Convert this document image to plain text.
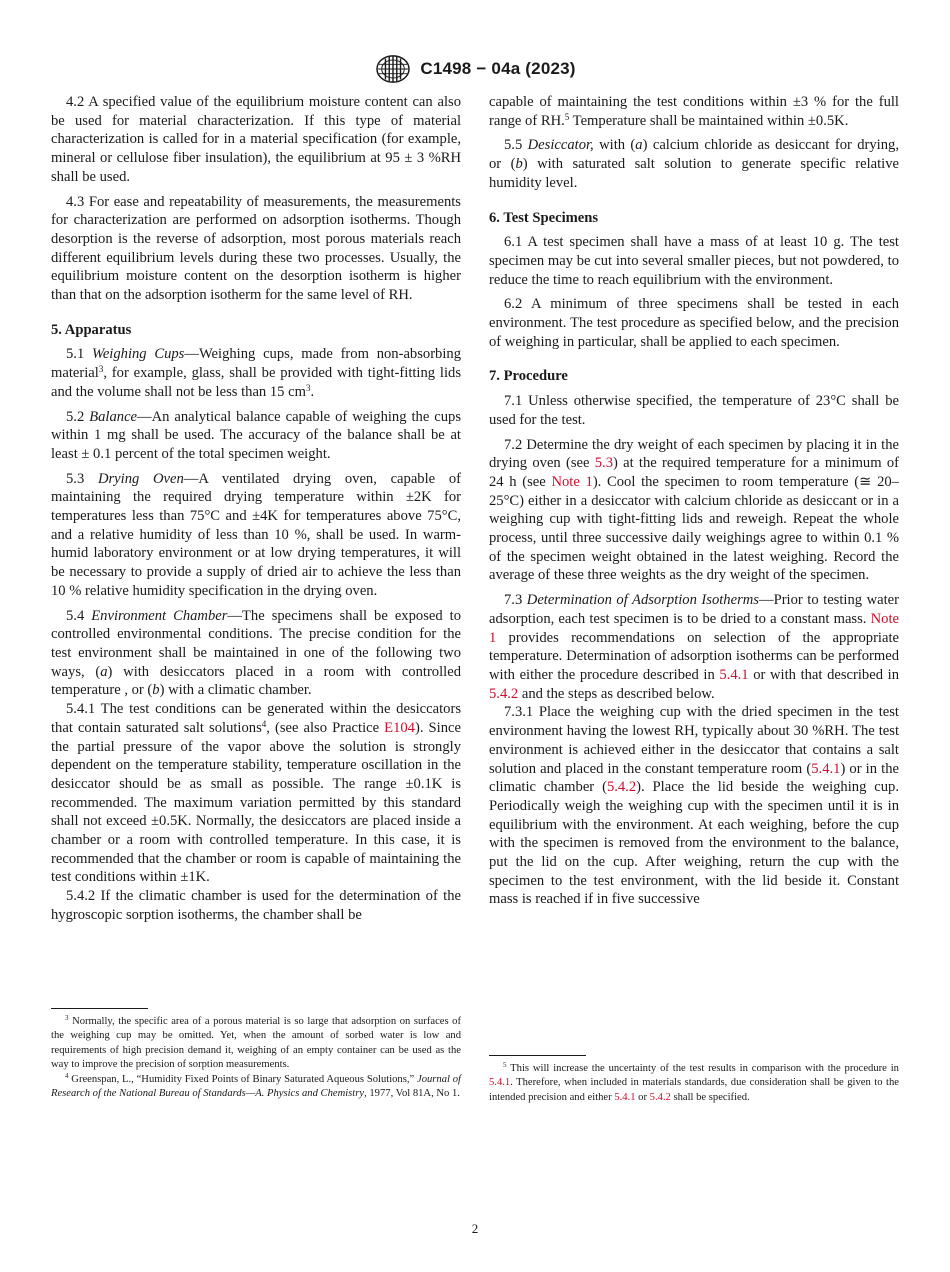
C1498 − 04a (2023)

4.2 A specified value of the equilibrium moisture content can also be used for material characterization. If this type of material characterization is called for in a material specification (for example, mineral or cellulose fiber insulation), the equilibrium at 95 ± 3 %RH shall be used.

4.3 For ease and repeatability of measurements, the measurements for characterization are performed on adsorption isotherms. Though desorption is the reverse of adsorption, most porous materials reach different equilibrium levels during these two processes. Usually, the equilibrium moisture content on the desorption isotherm is higher than that on the adsorption isotherm for the same level of RH.

5. Apparatus

5.1 Weighing Cups—Weighing cups, made from non-absorbing material$^3$, for example, glass, shall be provided with tight-fitting lids and the volume shall not be less than 15 $cm^3$.

5.2 Balance—An analytical balance capable of weighing the cups within 1 mg shall be used. The accuracy of the balance shall be at least ± 0.1 percent of the total specimen weight.

5.3 Drying Oven—A ventilated drying oven, capable of maintaining the required drying temperature within ±2K for temperatures less than 75°C and ±4K for temperatures above 75°C, and a relative humidity of less than 10 %, shall be used. In warm-humid laboratory environment or at low drying temperatures, it will be necessary to provide a supply of dried air to achieve the less than 10 % relative humidity specification in the drying oven.

5.4 Environment Chamber—The specimens shall be exposed to controlled environmental conditions. The precise condition for the test environment shall be maintained in one of the following two ways, (a) with desiccators placed in a room with controlled temperature , or (b) with a climatic chamber.

5.4.1 The test conditions can be generated within the desiccators that contain saturated salt solutions$^4$, (see also Practice E104). Since the partial pressure of the vapor above the solution is strongly dependent on the temperature stability, temperature oscillation in the desiccator should be as small as possible. The range ±0.1K is recommended. The maximum variation permitted by this standard shall not exceed ±0.5K. Normally, the desiccators are placed inside a chamber or a room with controlled temperature. In this case, it is recommended that the chamber or room is capable of maintaining the test conditions within ±1K.

5.4.2 If the climatic chamber is used for the determination of the hygroscopic sorption isotherms, the chamber shall be

capable of maintaining the test conditions within ±3 % for the full range of RH.$^5$ Temperature shall be maintained within ±0.5K.

5.5 Desiccator, with (a) calcium chloride as desiccant for drying, or (b) with saturated salt solution to generate specific relative humidity level.

6. Test Specimens

6.1 A test specimen shall have a mass of at least 10 g. The test specimen may be cut into several smaller pieces, but not powdered, to reduce the time to reach equilibrium with the environment.

6.2 A minimum of three specimens shall be tested in each environment. The test procedure as specified below, and the precision of weighing in particular, shall be applied to each specimen.

7. Procedure

7.1 Unless otherwise specified, the temperature of 23°C shall be used for the test.

7.2 Determine the dry weight of each specimen by placing it in the drying oven (see 5.3) at the required temperature for a minimum of 24 h (see Note 1). Cool the specimen to room temperature (≅ 20–25°C) either in a desiccator with calcium chloride as desiccant or in a weighing cup with tight-fitting lids and reweigh. Repeat the whole process, until three successive daily weighings agree to within 0.1 % of the specimen weight obtained in the latest weighing. Record the average of these three weights as the dry weight of the specimen.

7.3 Determination of Adsorption Isotherms—Prior to testing water adsorption, each test specimen is to be dried to a constant mass. Note 1 provides recommendations on selection of the appropriate temperature. Determination of adsorption isotherms can be performed with either the procedure described in 5.4.1 or with that described in 5.4.2 and the steps as described below.

7.3.1 Place the weighing cup with the dried specimen in the test environment having the lowest RH, typically about 30 %RH. The test environment is achieved either in the desiccator that contains a salt solution and placed in the constant temperature room (5.4.1) or in the climatic chamber (5.4.2). Place the lid beside the weighing cup. Periodically weigh the weighing cup with the specimen until it is in equilibrium with the environment. At each weighing, before the cup with the specimen is removed from the environment to the balance, put the lid on the cup. After weighing, return the cup with the specimen to the test environment, with the lid beside it. Constant mass is reached if in five successive

$^3$ Normally, the specific area of a porous material is so large that adsorption on surfaces of the weighing cup may be omitted. Yet, when the amount of sorbed water is low and requirements of high precision demand it, weighing of an empty container can be used as the way to improve the precision of sorption measurements.

$^4$ Greenspan, L., “Humidity Fixed Points of Binary Saturated Aqueous Solutions,” Journal of Research of the National Bureau of Standards—A. Physics and Chemistry, 1977, Vol 81A, No 1.

$^5$ This will increase the uncertainty of the test results in comparison with the procedure in 5.4.1. Therefore, when included in materials standards, due consideration shall be given to the intended precision and either 5.4.1 or 5.4.2 shall be specified.

2
